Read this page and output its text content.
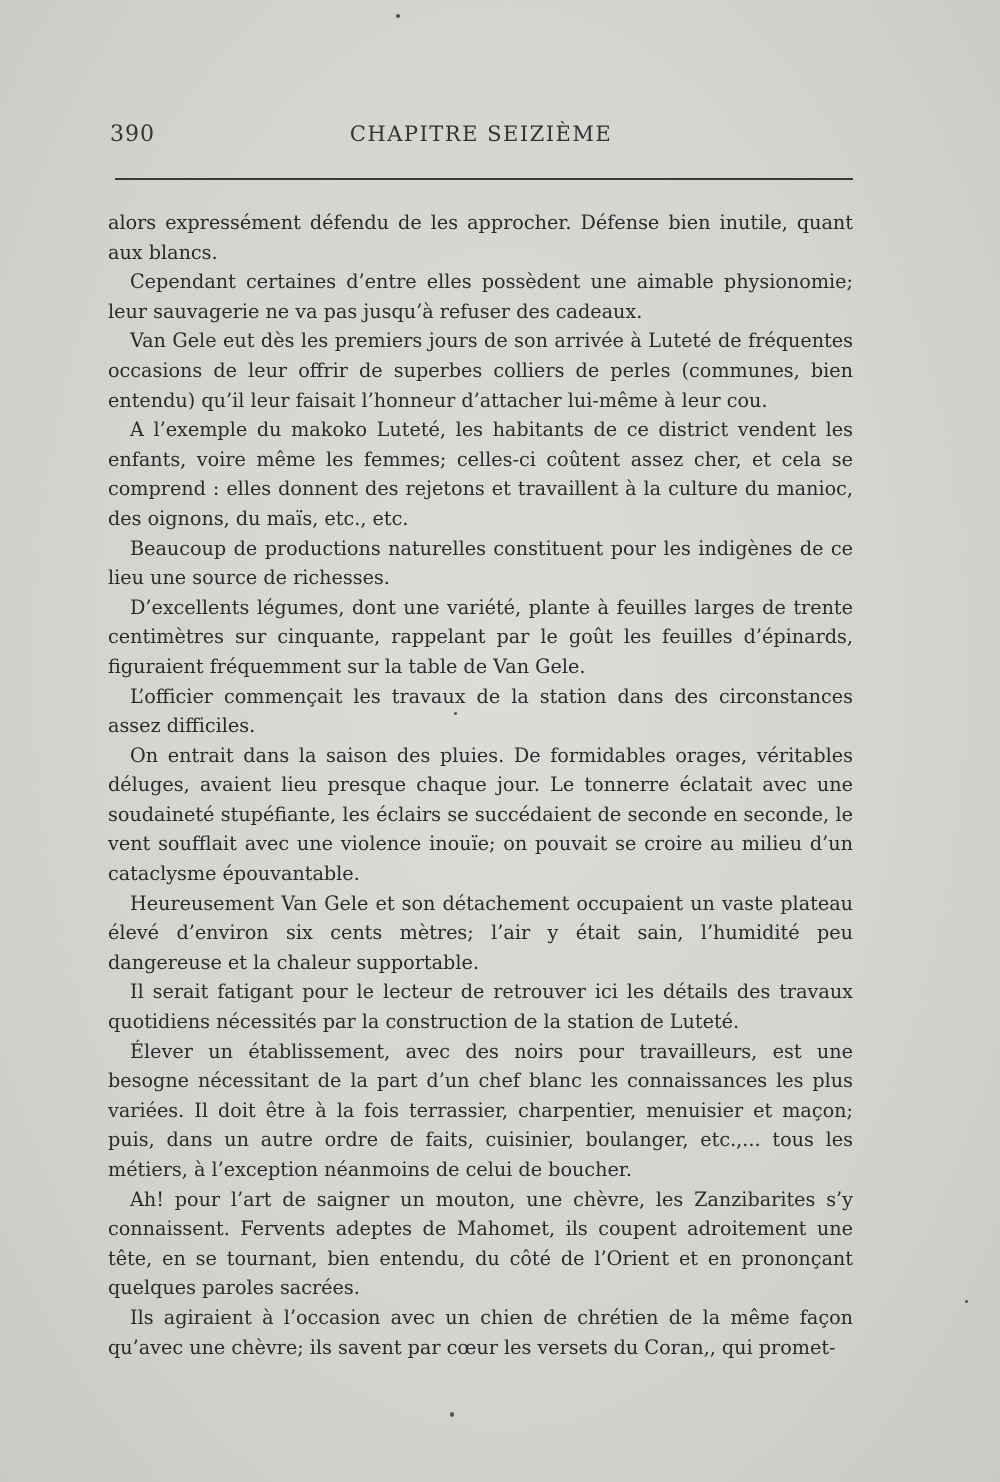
390	CHAPITRE SEIZIÈME

alors expressément défendu de les approcher. Défense bien inutile, quant aux blancs.

Cependant certaines d’entre elles possèdent une aimable physionomie; leur sauvagerie ne va pas jusqu’à refuser des cadeaux.

Van Gele eut dès les premiers jours de son arrivée à Luteté de fréquentes occasions de leur offrir de superbes colliers de perles (communes, bien entendu) qu’il leur faisait l’honneur d’attacher lui-même à leur cou.

A l’exemple du makoko Luteté, les habitants de ce district vendent les enfants, voire même les femmes; celles-ci coûtent assez cher, et cela se comprend : elles donnent des rejetons et travaillent à la culture du manioc, des oignons, du maïs, etc., etc.

Beaucoup de productions naturelles constituent pour les indigènes de ce lieu une source de richesses.

D’excellents légumes, dont une variété, plante à feuilles larges de trente centimètres sur cinquante, rappelant par le goût les feuilles d’épinards, figuraient fréquemment sur la table de Van Gele.

L’officier commençait les travaux de la station dans des circonstances assez difficiles.

On entrait dans la saison des pluies. De formidables orages, véritables déluges, avaient lieu presque chaque jour. Le tonnerre éclatait avec une soudaineté stupéfiante, les éclairs se succédaient de seconde en seconde, le vent soufflait avec une violence inouïe; on pouvait se croire au milieu d’un cataclysme épouvantable.

Heureusement Van Gele et son détachement occupaient un vaste plateau élevé d’environ six cents mètres; l’air y était sain, l’humidité peu dangereuse et la chaleur supportable.

Il serait fatigant pour le lecteur de retrouver ici les détails des travaux quotidiens nécessités par la construction de la station de Luteté.

Élever un établissement, avec des noirs pour travailleurs, est une besogne nécessitant de la part d’un chef blanc les connaissances les plus variées. Il doit être à la fois terrassier, charpentier, menuisier et maçon; puis, dans un autre ordre de faits, cuisinier, boulanger, etc.,... tous les métiers, à l’exception néanmoins de celui de boucher.

Ah! pour l’art de saigner un mouton, une chèvre, les Zanzibarites s’y connaissent. Fervents adeptes de Mahomet, ils coupent adroitement une tête, en se tournant, bien entendu, du côté de l’Orient et en prononçant quelques paroles sacrées.

Ils agiraient à l’occasion avec un chien de chrétien de la même façon qu’avec une chèvre; ils savent par cœur les versets du Coran,, qui promet-
